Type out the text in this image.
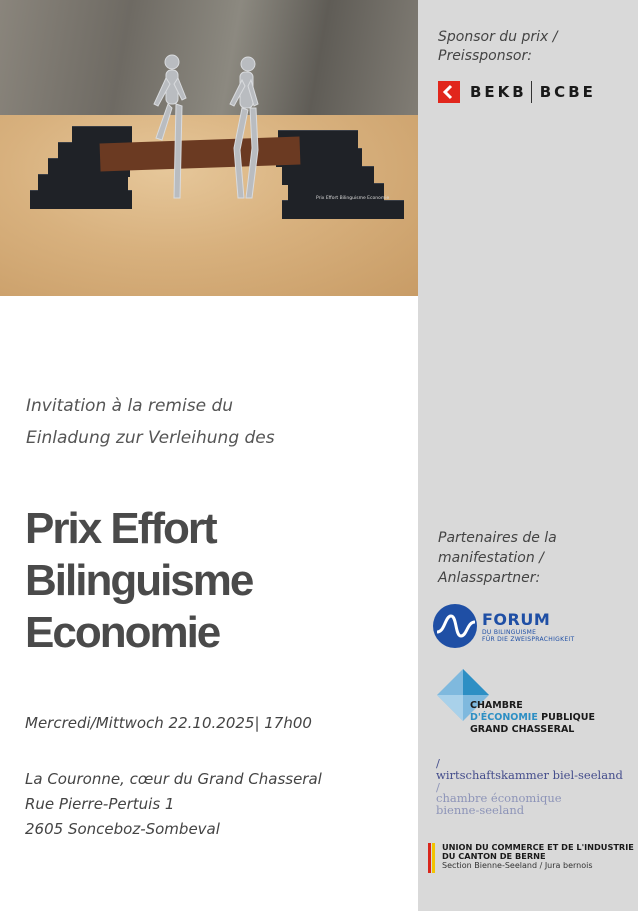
Prix Effort Bilinguisme Economie
Sponsor du prix /
Preissponsor:
BEKB BCBE
Partenaires de la
manifestation /
Anlasspartner:
FORUM
DU BILINGUISME
FÜR DIE ZWEISPRACHIGKEIT
CHAMBRE
D'ÉCONOMIE PUBLIQUE
GRAND CHASSERAL
/
wirtschaftskammer biel-seeland
/
chambre économique
bienne-seeland
UNION DU COMMERCE ET DE L'INDUSTRIE
DU CANTON DE BERNE
Section Bienne-Seeland / Jura bernois
Invitation à la remise du
Einladung zur Verleihung des
Prix Effort
Bilinguisme
Economie
Mercredi/Mittwoch 22.10.2025| 17h00
La Couronne, cœur du Grand Chasseral
Rue Pierre-Pertuis 1
2605 Sonceboz-Sombeval
